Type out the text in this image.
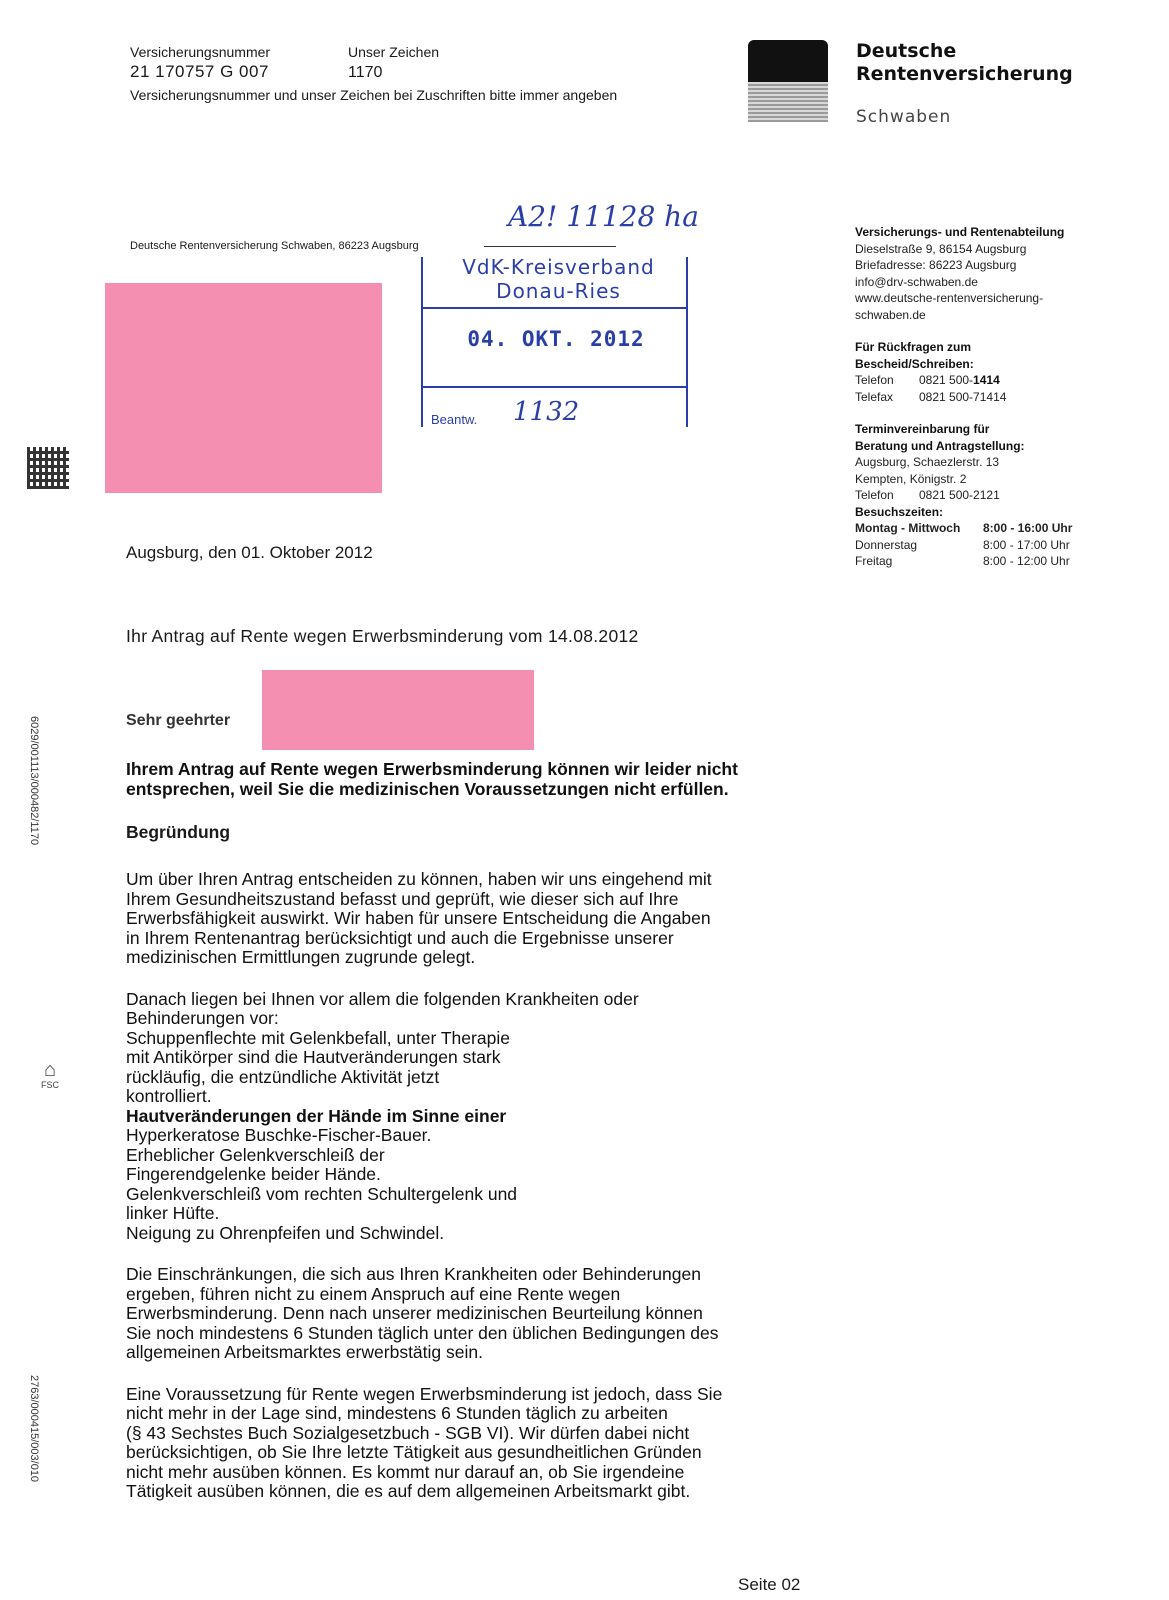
Versicherungsnummer	Unser Zeichen
21 170757 G 007	1170
Versicherungsnummer und unser Zeichen bei Zuschriften bitte immer angeben
Deutsche
Rentenversicherung
Schwaben
Deutsche Rentenversicherung Schwaben, 86223 Augsburg
A2! 11128 ha
VdK-Kreisverband
Donau-Ries
04. OKT. 2012
Beantw. 1132
Versicherungs- und Rentenabteilung
Dieselstraße 9, 86154 Augsburg
Briefadresse: 86223 Augsburg
info@drv-schwaben.de
www.deutsche-rentenversicherung-
schwaben.de
Für Rückfragen zum
Bescheid/Schreiben:
Telefon 0821 500-1414
Telefax 0821 500-71414
Terminvereinbarung für
Beratung und Antragstellung:
Augsburg, Schaezlerstr. 13
Kempten, Königstr. 2
Telefon 0821 500-2121
Besuchszeiten:
Montag - Mittwoch 8:00 - 16:00 Uhr
Donnerstag	8:00 - 17:00 Uhr
Freitag	8:00 - 12:00 Uhr
6029/001113/000482/1170
⌂
FSC
2763/000415/003/010
Augsburg, den 01. Oktober 2012
Ihr Antrag auf Rente wegen Erwerbsminderung vom 14.08.2012
Sehr geehrter
Ihrem Antrag auf Rente wegen Erwerbsminderung können wir leider nicht
entsprechen, weil Sie die medizinischen Voraussetzungen nicht erfüllen.
Begründung
Um über Ihren Antrag entscheiden zu können, haben wir uns eingehend mit
Ihrem Gesundheitszustand befasst und geprüft, wie dieser sich auf Ihre
Erwerbsfähigkeit auswirkt. Wir haben für unsere Entscheidung die Angaben
in Ihrem Rentenantrag berücksichtigt und auch die Ergebnisse unserer
medizinischen Ermittlungen zugrunde gelegt.
Danach liegen bei Ihnen vor allem die folgenden Krankheiten oder
Behinderungen vor:
Schuppenflechte mit Gelenkbefall, unter Therapie
mit Antikörper sind die Hautveränderungen stark
rückläufig, die entzündliche Aktivität jetzt
kontrolliert.
Hautveränderungen der Hände im Sinne einer
Hyperkeratose Buschke-Fischer-Bauer.
Erheblicher Gelenkverschleiß der
Fingerendgelenke beider Hände.
Gelenkverschleiß vom rechten Schultergelenk und
linker Hüfte.
Neigung zu Ohrenpfeifen und Schwindel.
Die Einschränkungen, die sich aus Ihren Krankheiten oder Behinderungen
ergeben, führen nicht zu einem Anspruch auf eine Rente wegen
Erwerbsminderung. Denn nach unserer medizinischen Beurteilung können
Sie noch mindestens 6 Stunden täglich unter den üblichen Bedingungen des
allgemeinen Arbeitsmarktes erwerbstätig sein.
Eine Voraussetzung für Rente wegen Erwerbsminderung ist jedoch, dass Sie
nicht mehr in der Lage sind, mindestens 6 Stunden täglich zu arbeiten
(§ 43 Sechstes Buch Sozialgesetzbuch - SGB VI). Wir dürfen dabei nicht
berücksichtigen, ob Sie Ihre letzte Tätigkeit aus gesundheitlichen Gründen
nicht mehr ausüben können. Es kommt nur darauf an, ob Sie irgendeine
Tätigkeit ausüben können, die es auf dem allgemeinen Arbeitsmarkt gibt.
Seite 02
